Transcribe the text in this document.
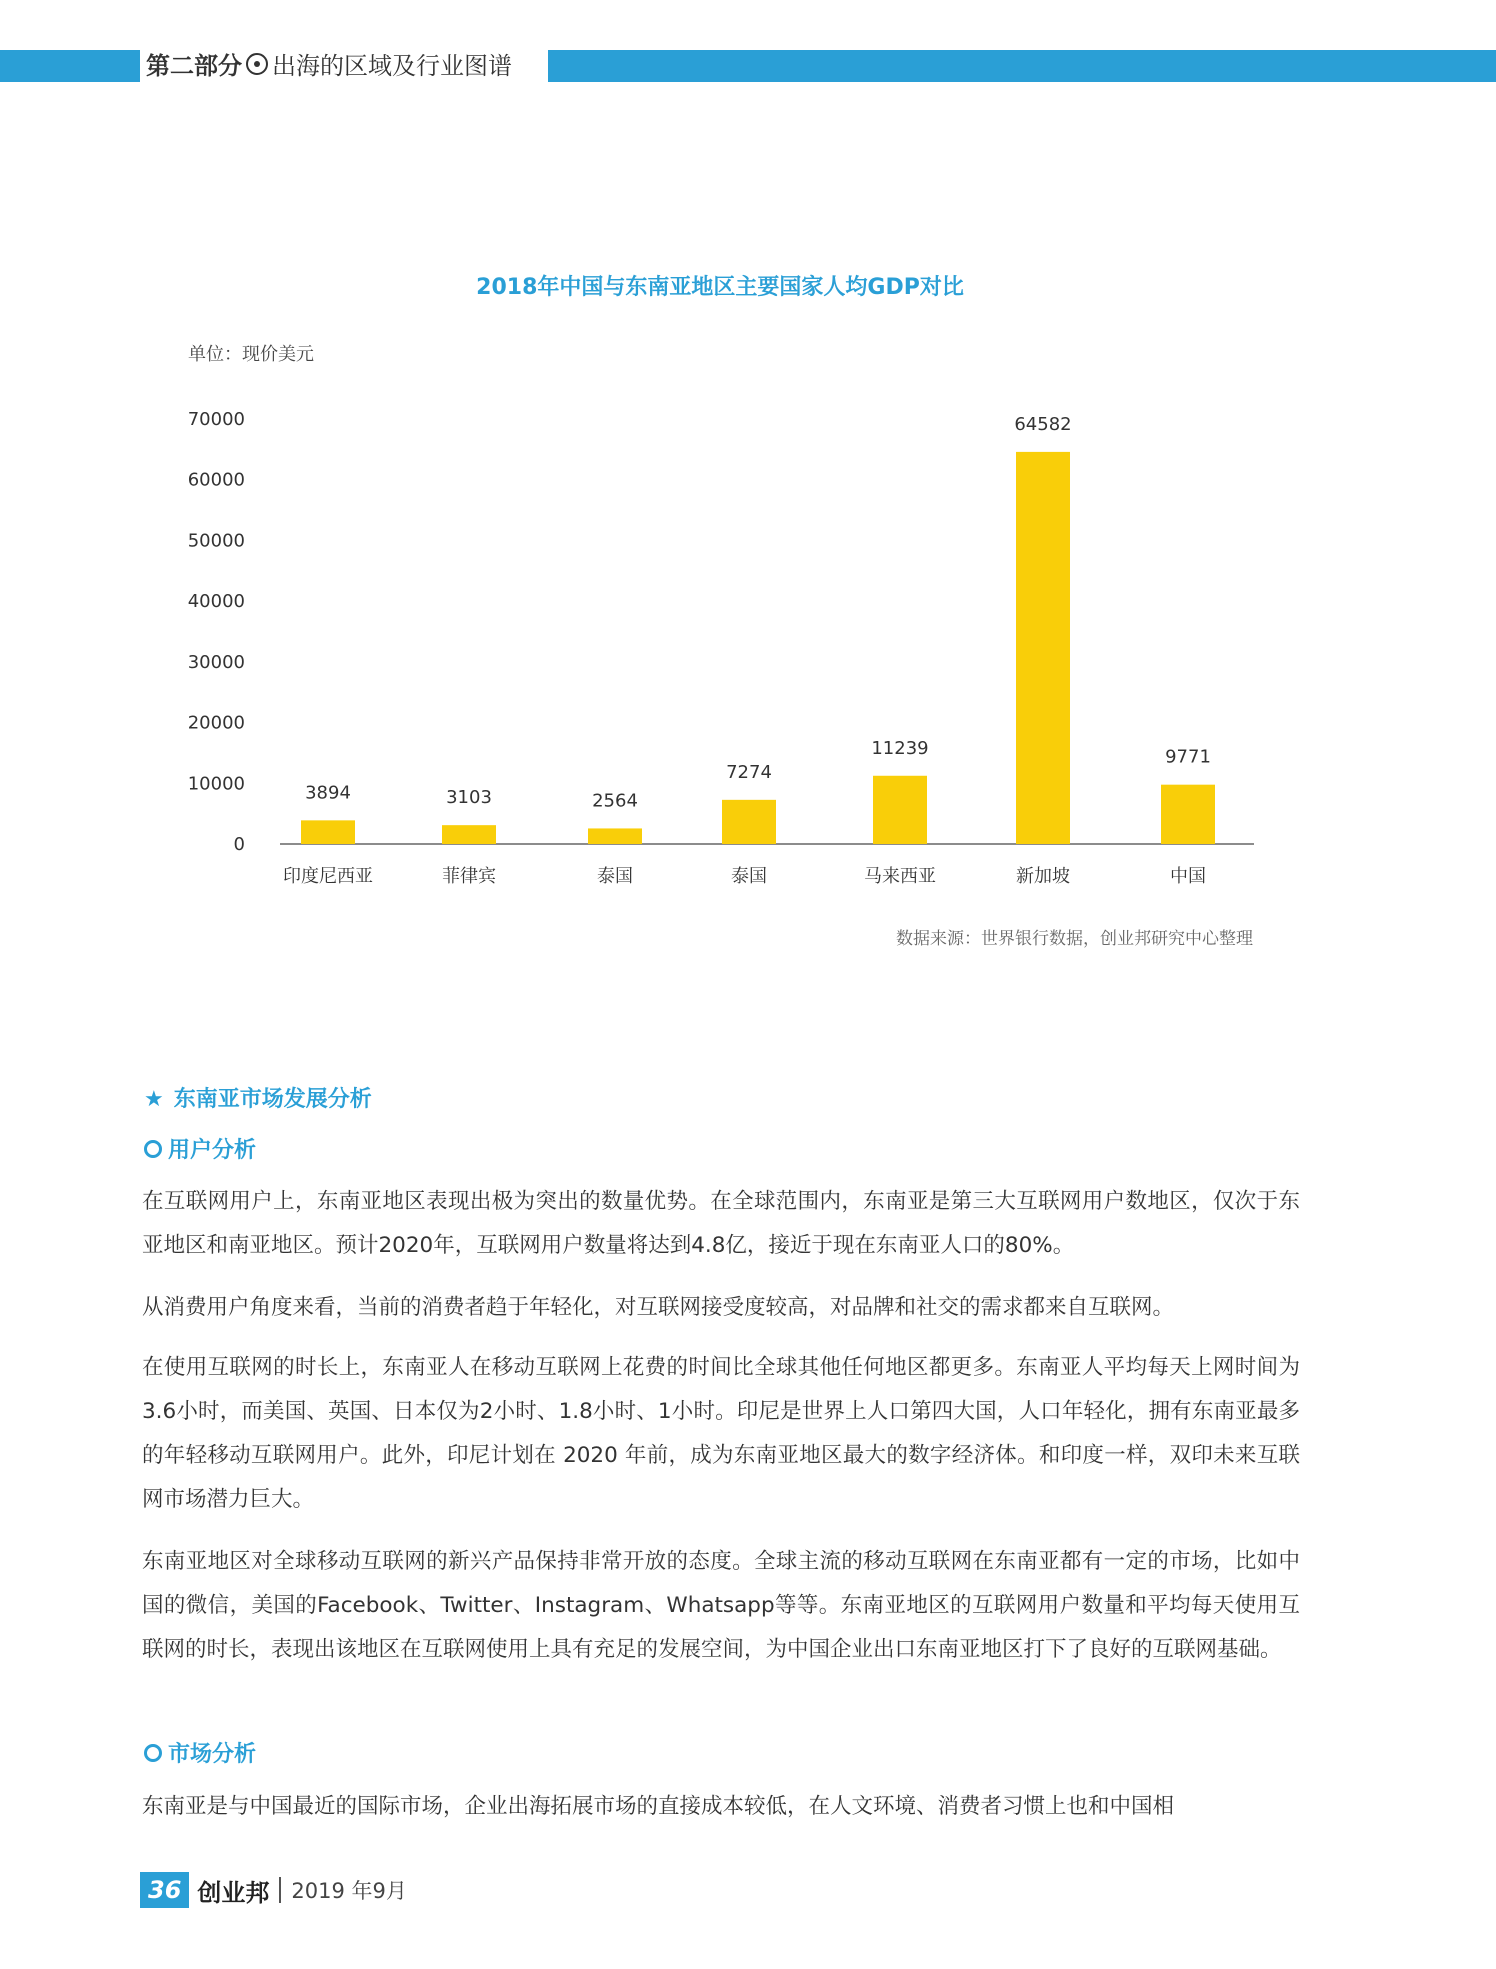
第二部分 出海的区域及行业图谱
2018年中国与东南亚地区主要国家人均GDP对比
单位：现价美元
0
10000
20000
30000
40000
50000
60000
70000
3894
印度尼西亚
3103
菲律宾
2564
泰国
7274
泰国
11239
马来西亚
64582
新加坡
9771
中国
数据来源：世界银行数据，创业邦研究中心整理
★ 东南亚市场发展分析
用户分析

在互联网用户上，东南亚地区表现出极为突出的数量优势。在全球范围内，东南亚是第三大互联网用户数地区，仅次于东亚地区和南亚地区。预计2020年，互联网用户数量将达到4.8亿，接近于现在东南亚人口的80%。

从消费用户角度来看，当前的消费者趋于年轻化，对互联网接受度较高，对品牌和社交的需求都来自互联网。

在使用互联网的时长上，东南亚人在移动互联网上花费的时间比全球其他任何地区都更多。东南亚人平均每天上网时间为3.6小时，而美国、英国、日本仅为2小时、1.8小时、1小时。印尼是世界上人口第四大国，人口年轻化，拥有东南亚最多的年轻移动互联网用户。此外，印尼计划在 2020 年前，成为东南亚地区最大的数字经济体。和印度一样，双印未来互联网市场潜力巨大。

东南亚地区对全球移动互联网的新兴产品保持非常开放的态度。全球主流的移动互联网在东南亚都有一定的市场，比如中国的微信，美国的Facebook、Twitter、Instagram、Whatsapp等等。东南亚地区的互联网用户数量和平均每天使用互联网的时长，表现出该地区在互联网使用上具有充足的发展空间，为中国企业出口东南亚地区打下了良好的互联网基础。

市场分析

东南亚是与中国最近的国际市场，企业出海拓展市场的直接成本较低，在人文环境、消费者习惯上也和中国相

36 创业邦 2019 年9月
